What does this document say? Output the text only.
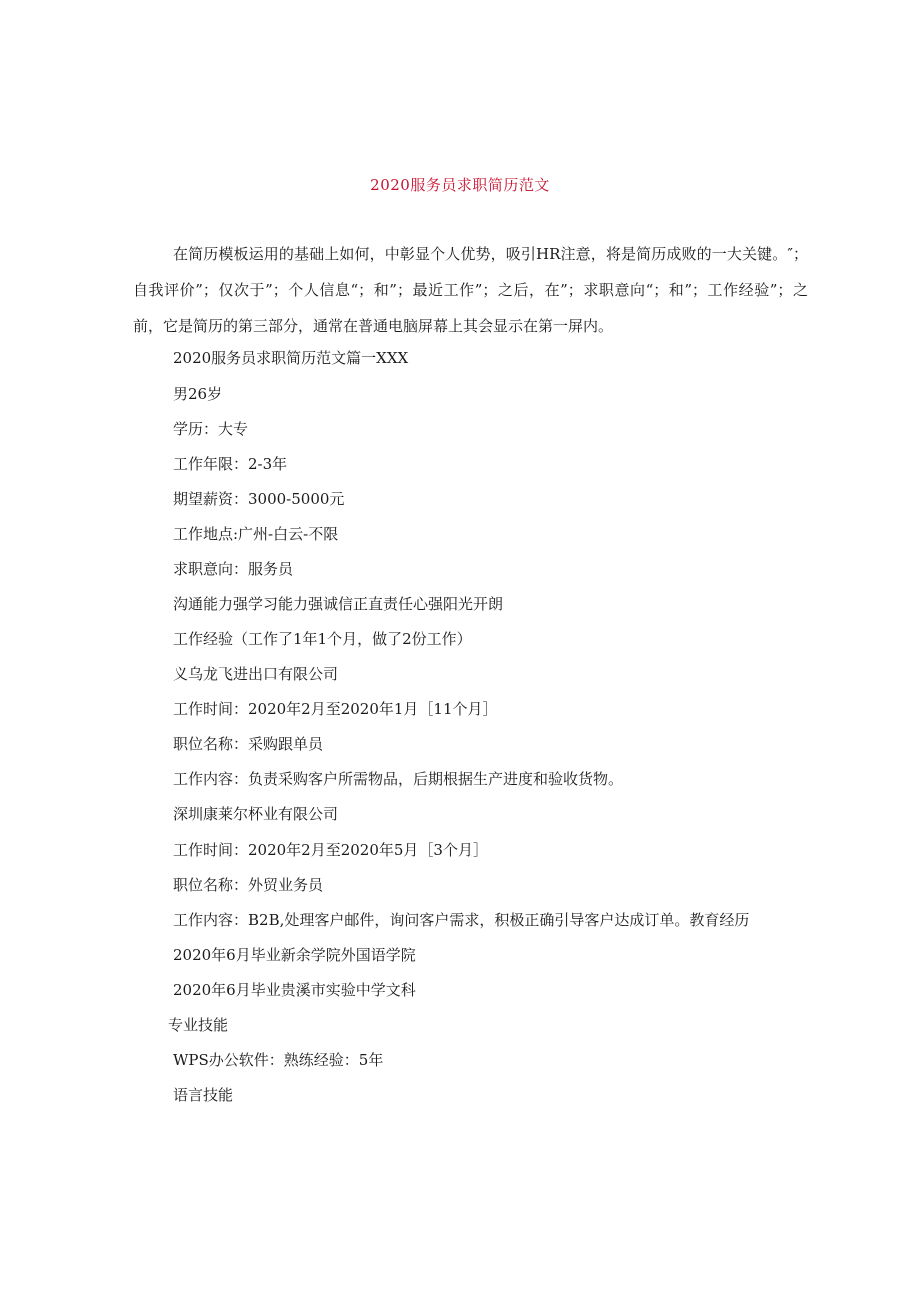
2020服务员求职简历范文

在简历模板运用的基础上如何，中彰显个人优势，吸引HR注意，将是简历成败的一大关键。″；自我评价”；仅次于”；个人信息“；和”；最近工作”；之后，在”；求职意向“；和”；工作经验”；之前，它是简历的第三部分，通常在普通电脑屏幕上其会显示在第一屏内。

2020服务员求职简历范文篇一XXX
男26岁
学历：大专
工作年限：2-3年
期望薪资：3000-5000元
工作地点:广州-白云-不限
求职意向：服务员
沟通能力强学习能力强诚信正直责任心强阳光开朗
工作经验（工作了1年1个月，做了2份工作）
义乌龙飞进出口有限公司
工作时间：2020年2月至2020年1月［11个月］
职位名称：采购跟单员
工作内容：负责采购客户所需物品，后期根据生产进度和验收货物。
深圳康莱尔杯业有限公司
工作时间：2020年2月至2020年5月［3个月］
职位名称：外贸业务员
工作内容：B2B,处理客户邮件，询问客户需求，积极正确引导客户达成订单。教育经历
2020年6月毕业新余学院外国语学院
2020年6月毕业贵溪市实验中学文科
专业技能
WPS办公软件：熟练经验：5年
语言技能
